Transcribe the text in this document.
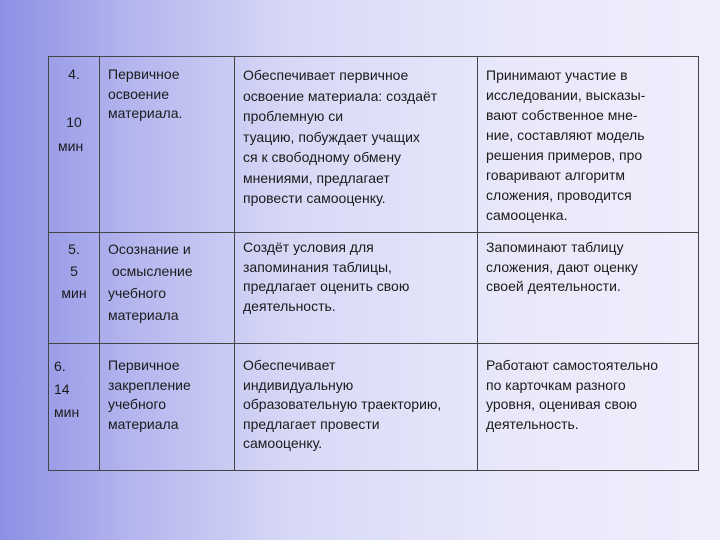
4.
10
мин
Первичное
освоение
материала.
Обеспечивает первичное
освоение материала: создаёт
проблемную си
туацию, побуждает учащих
ся к свободному обмену
мнениями, предлагает
провести самооценку.
Принимают участие в
исследовании, высказы-
вают собственное мне-
ние, составляют модель
решения примеров, про
говаривают алгоритм
сложения, проводится
самооценка.
5.
5
мин
Осознание и
осмысление
учебного
материала
Создёт условия для
запоминания таблицы,
предлагает оценить свою
деятельность.
Запоминают таблицу
сложения, дают оценку
своей деятельности.
6.
14
мин
Первичное
закрепление
учебного
материала
Обеспечивает
индивидуальную
образовательную траекторию,
предлагает провести
самооценку.
Работают самостоятельно
по карточкам разного
уровня, оценивая свою
деятельность.
